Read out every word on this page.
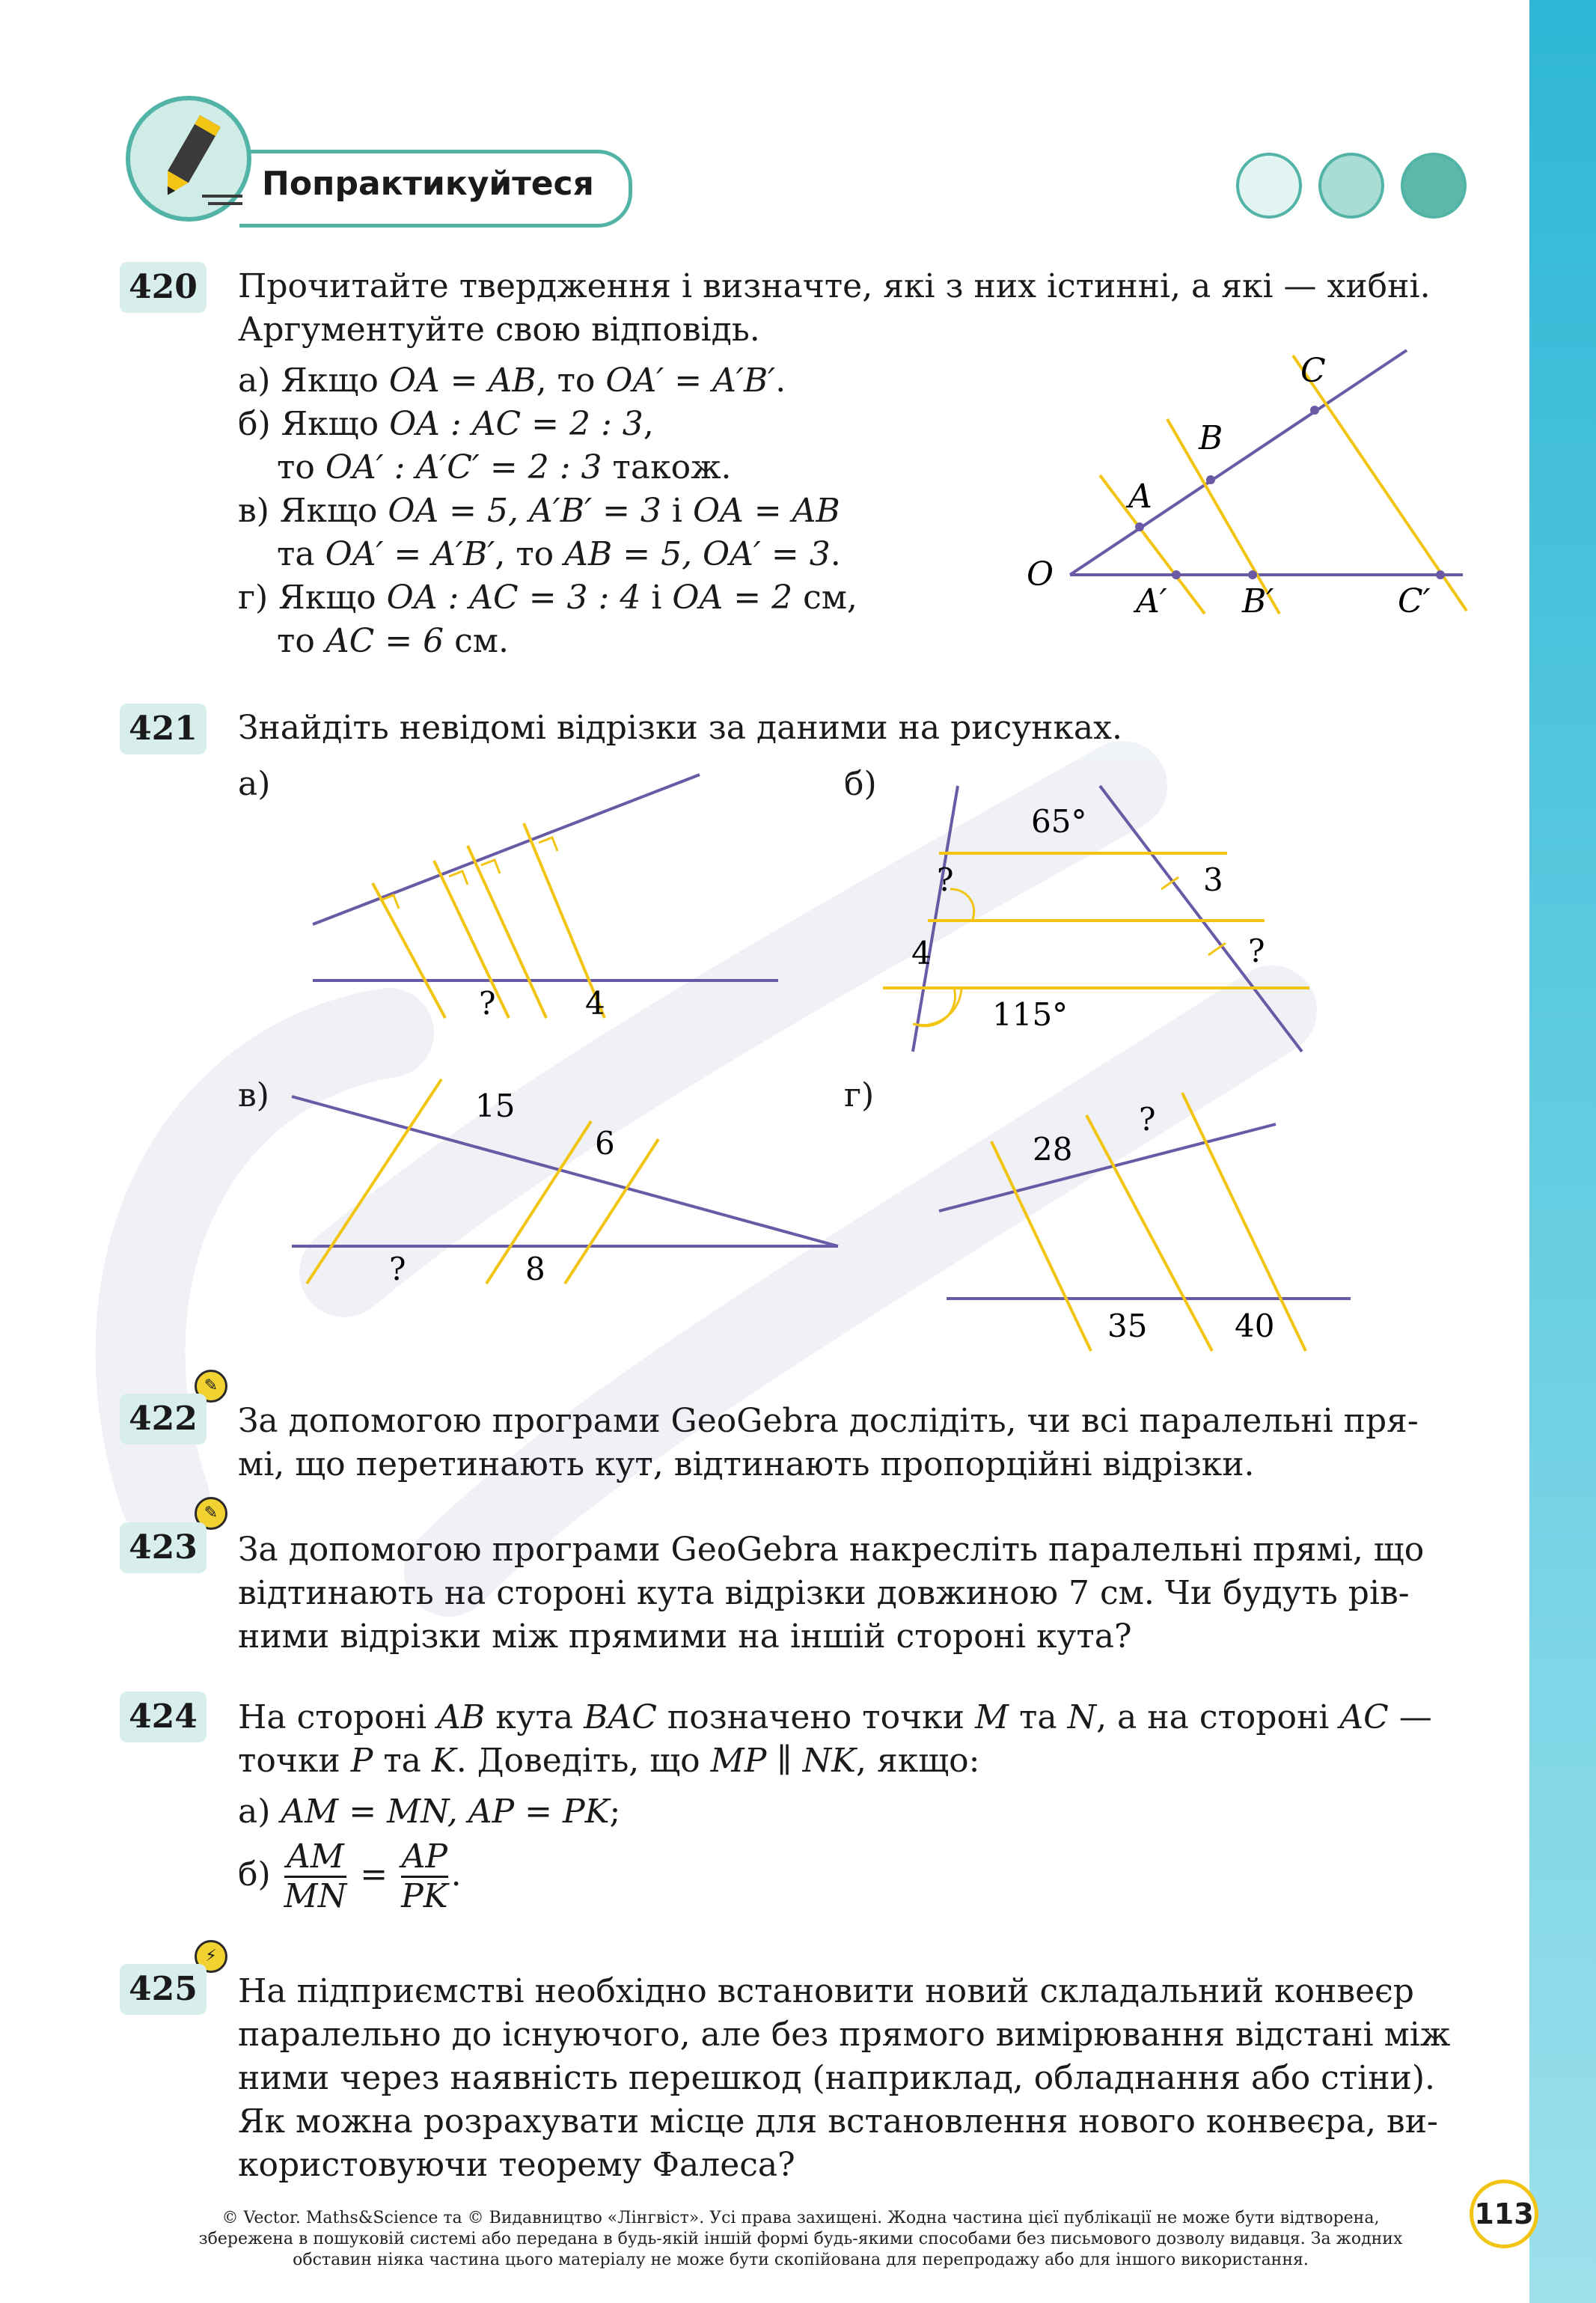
Попрактикуйтеся
420 Прочитайте твердження і визначте, які з них істинні, а які — хибні.
Аргументуйте свою відповідь.
а) Якщо OA = AB, то OA′ = A′B′.
б) Якщо OA : AC = 2 : 3,
то OA′ : A′C′ = 2 : 3 також.
в) Якщо OA = 5, A′B′ = 3 і OA = AB
та OA′ = A′B′, то AB = 5, OA′ = 3.
г) Якщо OA : AC = 3 : 4 і OA = 2 см,
то AC = 6 см.
O
A
B
C
A′ B′	C′
421 Знайдіть невідомі відрізки за даними на рисунках.
а)
?	4
б)
65°
?	3
4	?
115°
в)	15
6
?	8
г)
28
?
35	40
✎
422 За допомогою програми GeoGebra дослідіть, чи всі паралельні пря-
мі, що перетинають кут, відтинають пропорційні відрізки.
✎
423 За допомогою програми GeoGebra накресліть паралельні прямі, що
відтинають на стороні кута відрізки довжиною 7 см. Чи будуть рів-
ними відрізки між прямими на іншій стороні кута?
424 На стороні AB кута BAC позначено точки M та N, а на стороні AC —
точки P та K. Доведіть, що MP ∥ NK, якщо:
а) AM = MN, AP = PK;
$б) \frac{AM}{MN} = \frac{AP}{PK}$ .
⚡
425 На підприємстві необхідно встановити новий складальний конвеєр
паралельно до існуючого, але без прямого вимірювання відстані між
ними через наявність перешкод (наприклад, обладнання або стіни).
Як можна розрахувати місце для встановлення нового конвеєра, ви-
користовуючи теорему Фалеса?
© Vector. Maths&Science та © Видавництво «Лінгвіст». Усі права захищені. Жодна частина цієї публікації не може бути відтворена,
збережена в пошуковій системі або передана в будь-якій іншій формі будь-якими способами без письмового дозволу видавця. За жодних
обставин ніяка частина цього матеріалу не може бути скопійована для перепродажу або для іншого використання.
113
